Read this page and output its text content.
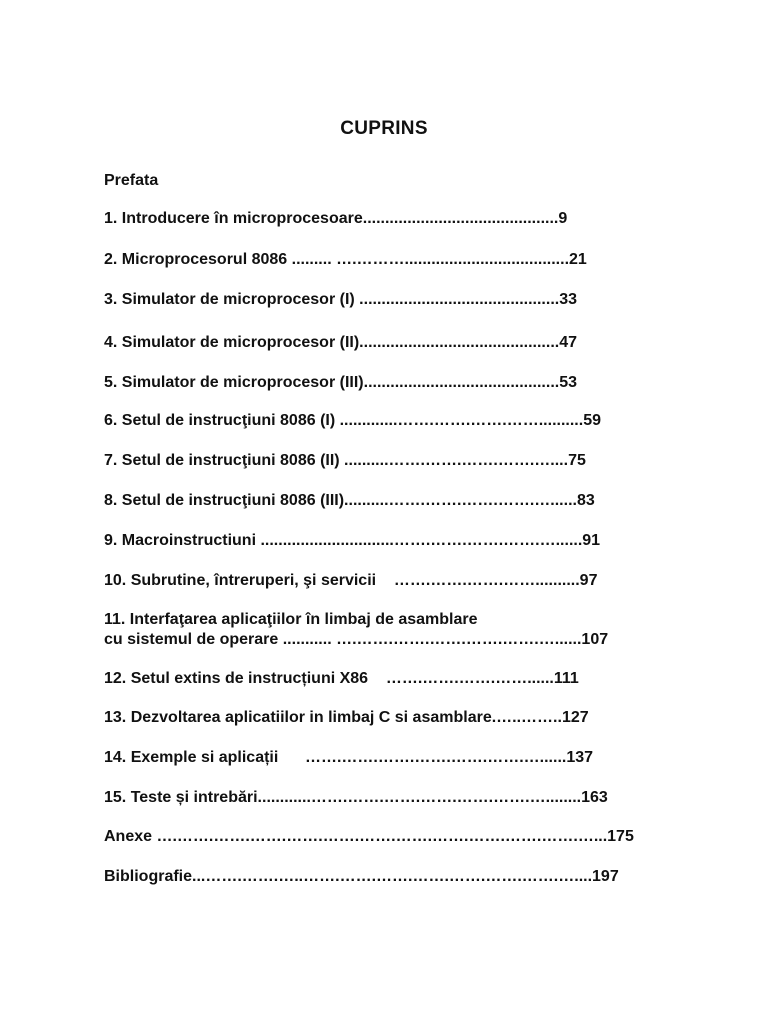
CUPRINS
Prefata
1. Introducere în microprocesoare............................................9
2. Microprocesorul 8086 ......... ….……….....................................21
3. Simulator de microprocesor (I) .............................................33
4. Simulator de microprocesor (II).............................................47
5. Simulator de microprocesor (III)............................................53
6. Setul de instrucţiuni 8086 (I) .............…….…….…….……..........59
7. Setul de instrucţiuni 8086 (II) ..........…….…….…….…….…....75
8. Setul de instrucţiuni 8086 (III)..........…….…….…….…….…......83
9. Macroinstructiuni ..............................…….…….…….…….…......91
10. Subrutine, întreruperi, şi servicii    …….…….…….……..........97
11. Interfaţarea aplicaţiilor în limbaj de asamblare
cu sistemul de operare ........... ….…….…….…….…….…….…......107
12. Setul extins de instrucțiuni X86    …….…….…….……......111
13. Dezvoltarea aplicatiilor in limbaj C si asamblare.…..……..127
14. Exemple si aplicații      …….…….…….…….…….…….…......137
15. Teste și intrebări............…….…….…….…….…….…….…........163
Anexe ….…….…….…….…….…….…….…….…….…….…….…….…...175
Bibliografie...…….…….…..…….…….…….…….…….…….…….…....197
